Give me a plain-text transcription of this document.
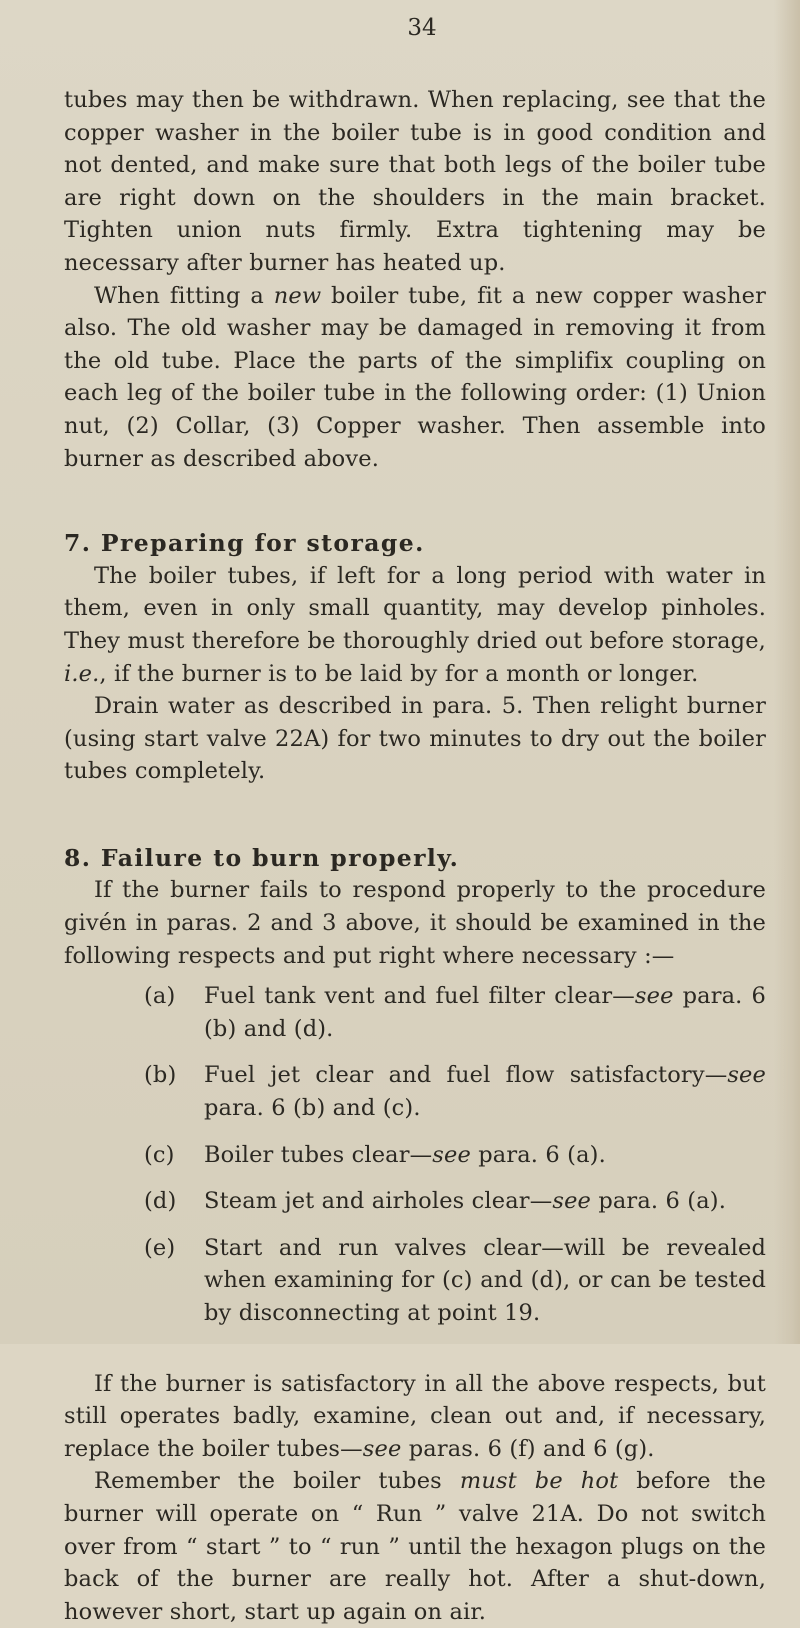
34

tubes may then be withdrawn. When replacing, see that the copper washer in the boiler tube is in good condition and not dented, and make sure that both legs of the boiler tube are right down on the shoulders in the main bracket. Tighten union nuts firmly. Extra tightening may be necessary after burner has heated up.

When fitting a new boiler tube, fit a new copper washer also. The old washer may be damaged in removing it from the old tube. Place the parts of the simplifix coupling on each leg of the boiler tube in the following order: (1) Union nut, (2) Collar, (3) Copper washer. Then assemble into burner as described above.

7. Preparing for storage.

The boiler tubes, if left for a long period with water in them, even in only small quantity, may develop pinholes. They must therefore be thoroughly dried out before storage, i.e., if the burner is to be laid by for a month or longer.

Drain water as described in para. 5. Then relight burner (using start valve 22A) for two minutes to dry out the boiler tubes completely.

8. Failure to burn properly.

If the burner fails to respond properly to the procedure givén in paras. 2 and 3 above, it should be examined in the following respects and put right where necessary :—

(a) Fuel tank vent and fuel filter clear—see para. 6 (b) and (d).
(b) Fuel jet clear and fuel flow satisfactory—see para. 6 (b) and (c).
(c) Boiler tubes clear—see para. 6 (a).
(d) Steam jet and airholes clear—see para. 6 (a).
(e) Start and run valves clear—will be revealed when examining for (c) and (d), or can be tested by disconnecting at point 19.

If the burner is satisfactory in all the above respects, but still operates badly, examine, clean out and, if necessary, replace the boiler tubes—see paras. 6 (f) and 6 (g).

Remember the boiler tubes must be hot before the burner will operate on “ Run ” valve 21A. Do not switch over from “ start ” to “ run ” until the hexagon plugs on the back of the burner are really hot. After a shut-down, however short, start up again on air.
